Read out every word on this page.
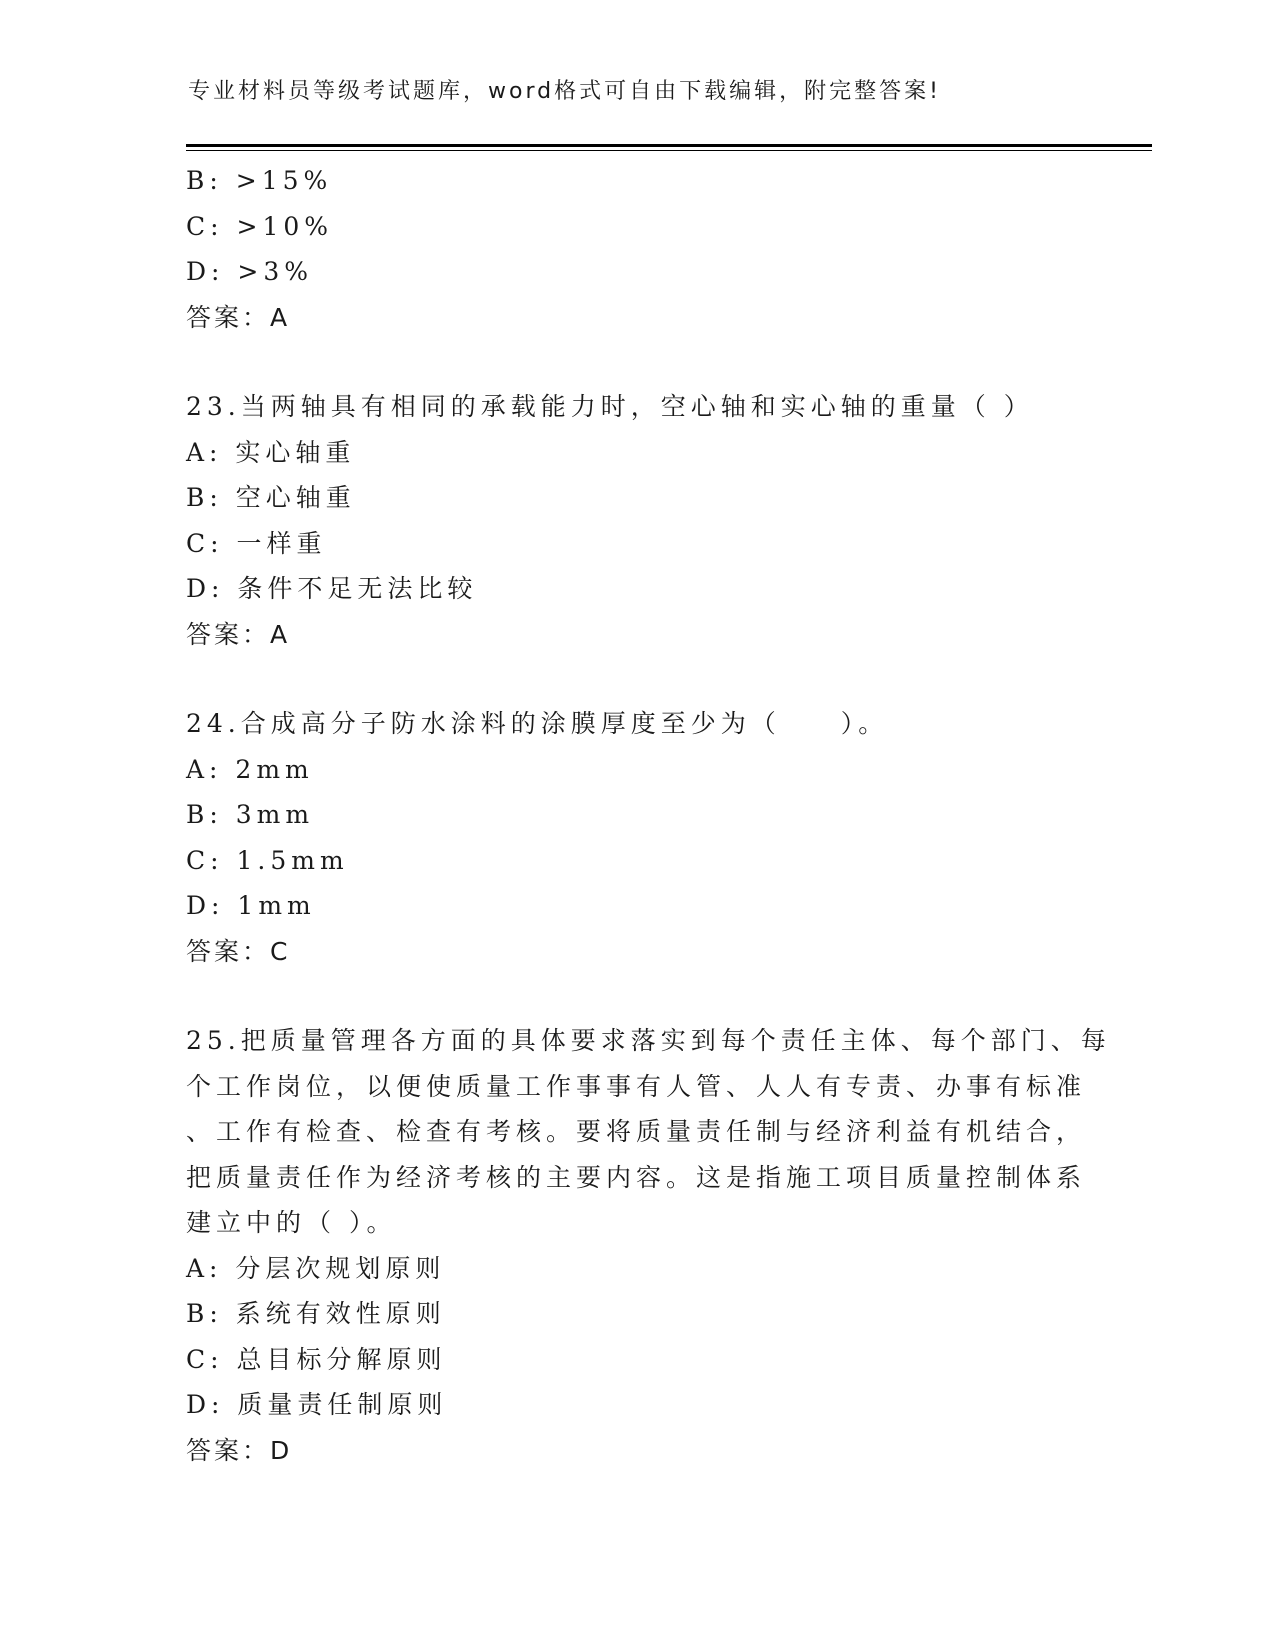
专业材料员等级考试题库，word格式可自由下载编辑，附完整答案!
B: >15%
C: >10%
D: >3%
答案：A
23.当两轴具有相同的承载能力时，空心轴和实心轴的重量（ ）
A: 实心轴重
B: 空心轴重
C: 一样重
D: 条件不足无法比较
答案：A
24.合成高分子防水涂料的涂膜厚度至少为（　　）。
A: 2mm
B: 3mm
C: 1.5mm
D: 1mm
答案：C
25.把质量管理各方面的具体要求落实到每个责任主体、每个部门、每
个工作岗位，以便使质量工作事事有人管、人人有专责、办事有标准
、工作有检查、检查有考核。要将质量责任制与经济利益有机结合，
把质量责任作为经济考核的主要内容。这是指施工项目质量控制体系
建立中的（ ）。
A: 分层次规划原则
B: 系统有效性原则
C: 总目标分解原则
D: 质量责任制原则
答案：D
